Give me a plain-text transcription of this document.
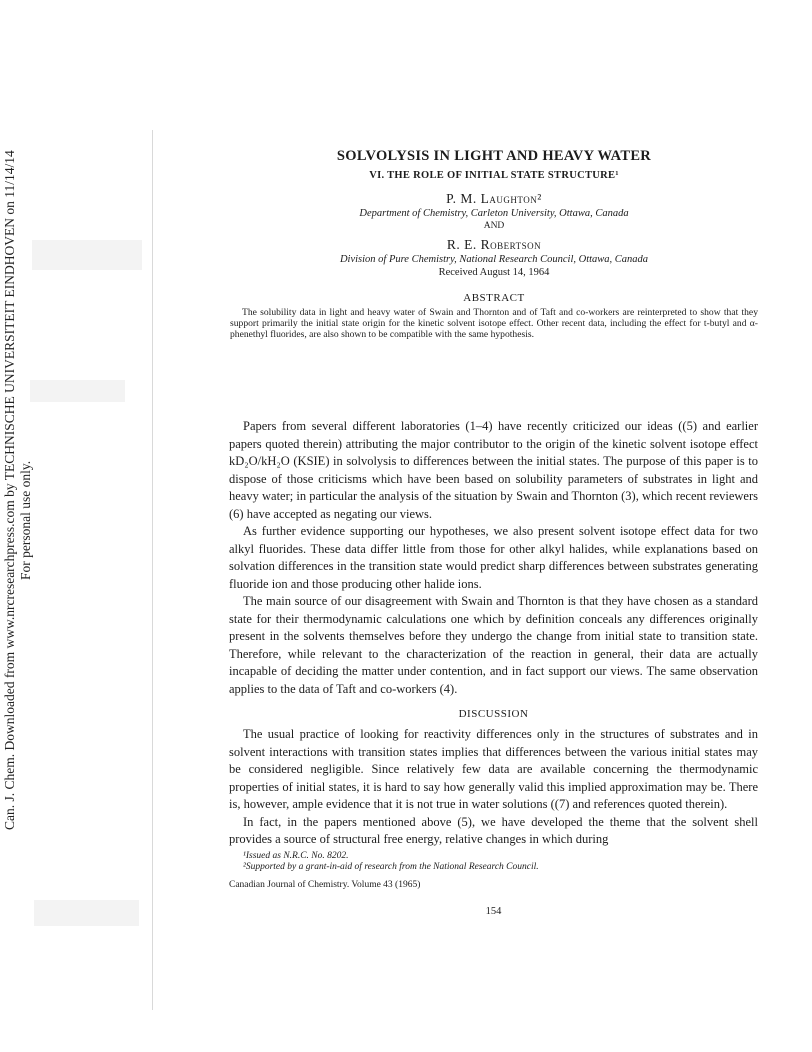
Can. J. Chem. Downloaded from www.nrcresearchpress.com by TECHNISCHE UNIVERSITEIT EINDHOVEN on 11/14/14 For personal use only.
SOLVOLYSIS IN LIGHT AND HEAVY WATER
VI. THE ROLE OF INITIAL STATE STRUCTURE¹
P. M. Laughton²
Department of Chemistry, Carleton University, Ottawa, Canada
AND
R. E. Robertson
Division of Pure Chemistry, National Research Council, Ottawa, Canada
Received August 14, 1964
ABSTRACT

The solubility data in light and heavy water of Swain and Thornton and of Taft and co-workers are reinterpreted to show that they support primarily the initial state origin for the kinetic solvent isotope effect. Other recent data, including the effect for t-butyl and α-phenethyl fluorides, are also shown to be compatible with the same hypothesis.

Papers from several different laboratories (1–4) have recently criticized our ideas ((5) and earlier papers quoted therein) attributing the major contributor to the origin of the kinetic solvent isotope effect kD₂O/kH₂O (KSIE) in solvolysis to differences between the initial states. The purpose of this paper is to dispose of those criticisms which have been based on solubility parameters of substrates in light and heavy water; in particular the analysis of the situation by Swain and Thornton (3), which recent reviewers (6) have accepted as negating our views.

As further evidence supporting our hypotheses, we also present solvent isotope effect data for two alkyl fluorides. These data differ little from those for other alkyl halides, while explanations based on solvation differences in the transition state would predict sharp differences between substrates generating fluoride ion and those producing other halide ions.

The main source of our disagreement with Swain and Thornton is that they have chosen as a standard state for their thermodynamic calculations one which by definition conceals any differences originally present in the solvents themselves before they undergo the change from initial state to transition state. Therefore, while relevant to the characterization of the reaction in general, their data are actually incapable of deciding the matter under contention, and in fact support our views. The same observation applies to the data of Taft and co-workers (4).

DISCUSSION

The usual practice of looking for reactivity differences only in the structures of substrates and in solvent interactions with transition states implies that differences between the various initial states may be considered negligible. Since relatively few data are available concerning the thermodynamic properties of initial states, it is hard to say how generally valid this implied approximation may be. There is, however, ample evidence that it is not true in water solutions ((7) and references quoted therein).

In fact, in the papers mentioned above (5), we have developed the theme that the solvent shell provides a source of structural free energy, relative changes in which during

¹Issued as N.R.C. No. 8202.
²Supported by a grant-in-aid of research from the National Research Council.
Canadian Journal of Chemistry. Volume 43 (1965)
154
